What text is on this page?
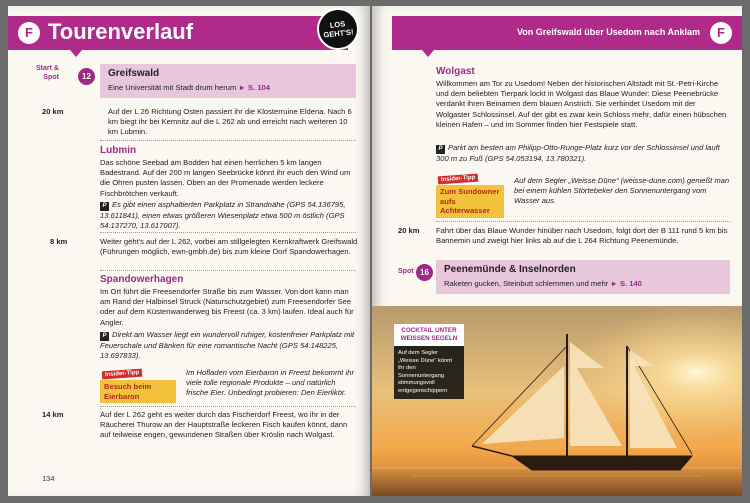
F Tourenverlauf	LOS
GEHT'S!
Start &
Spot	12	Greifswald
Eine Universität mit Stadt drum herum ► S. 104
20 km	Auf der L 26 Richtung Osten passiert ihr die Klosterruine Eldena. Nach 6 km biegt ihr bei Kemnitz auf die L 262 ab und erreicht nach weiteren 10 km Lubmin.
Lubmin
Das schöne Seebad am Bodden hat einen herrlichen 5 km langen Badestrand. Auf der 200 m langen Seebrücke könnt ihr euch den Wind um die Ohren pusten lassen. Oben an der Promenade werden leckere Fischbrötchen verkauft.
P Es gibt einen asphaltierten Parkplatz in Strandnähe (GPS 54.136795, 13.611841), einen etwas größeren Wiesenplatz etwa 500 m östlich (GPS 54.137270, 13.617007).
8 km	Weiter geht's auf der L 262, vorbei am stillgelegten Kernkraftwerk Greifswald (Führungen möglich, ewn-gmbh.de) bis zum kleine Dorf Spandowerhagen.
Spandowerhagen
Im Ort führt die Freesendorfer Straße bis zum Wasser. Von dort kann man am Rand der Halbinsel Struck (Naturschutzgebiet) zum Freesendorfer See oder auf dem Küstenwanderweg bis Freest (ca. 3 km) laufen. Ideal auch für Angler.
P Direkt am Wasser liegt ein wundervoll ruhiger, kostenfreier Parkplatz mit Feuerschale und Bänken für eine romantische Nacht (GPS 54.148225, 13.697833).
Insider-Tipp
Besuch beim Eierbaron
Im Hofladen vom Eierbaron in Freest bekommt ihr viele tolle regionale Produkte – und natürlich frische Eier. Unbedingt probieren: Den Eierlikör.
14 km	Auf der L 262 geht es weiter durch das Fischerdorf Freest, wo ihr in der Räucherei Thurow an der Hauptstraße leckeren Fisch kaufen könnt, dann auf teilweise engen, gewundenen Straßen über Kröslin nach Wolgast.
134
Von Greifswald über Usedom nach Anklam	F
Wolgast
Willkommen am Tor zu Usedom! Neben der historischen Altstadt mit St.-Petri-Kirche und dem beliebten Tierpark lockt in Wolgast das Blaue Wunder: Diese Peenebrücke verdankt ihren Beinamen dem blauen Anstrich. Sie verbindet Usedom mit der Wolgaster Schlossinsel. Auf der gibt es zwar kein Schloss mehr, dafür einen hübschen kleinen Hafen – und im Sommer finden hier Festspiele statt.
P Parkt am besten am Philipp-Otto-Runge-Platz kurz vor der Schlossinsel und lauft 300 m zu Fuß (GPS 54.053194, 13.780321).
Insider-Tipp
Zum Sundowner aufs Achterwasser
Auf dem Segler „Weisse Düne“ (weisse-dune.com) genießt man bei einem kühlen Störtebeker den Sonnenuntergang vom Wasser aus.
20 km Fahrt über das Blaue Wunder hinüber nach Usedom, folgt dort der B 111 rund 5 km bis Bannemin und zweigt hier links ab auf die L 264 Richtung Peenemünde.
Spot 16	Peenemünde & Inselnorden
Raketen gucken, Steinbutt schlemmen und mehr ► S. 140
COCKTAIL UNTER WEISSEN SEGELN
Auf dem Segler „Weisse Düne“ könnt ihr den Sonnenuntergang stimmungsvoll entgegenschippern
